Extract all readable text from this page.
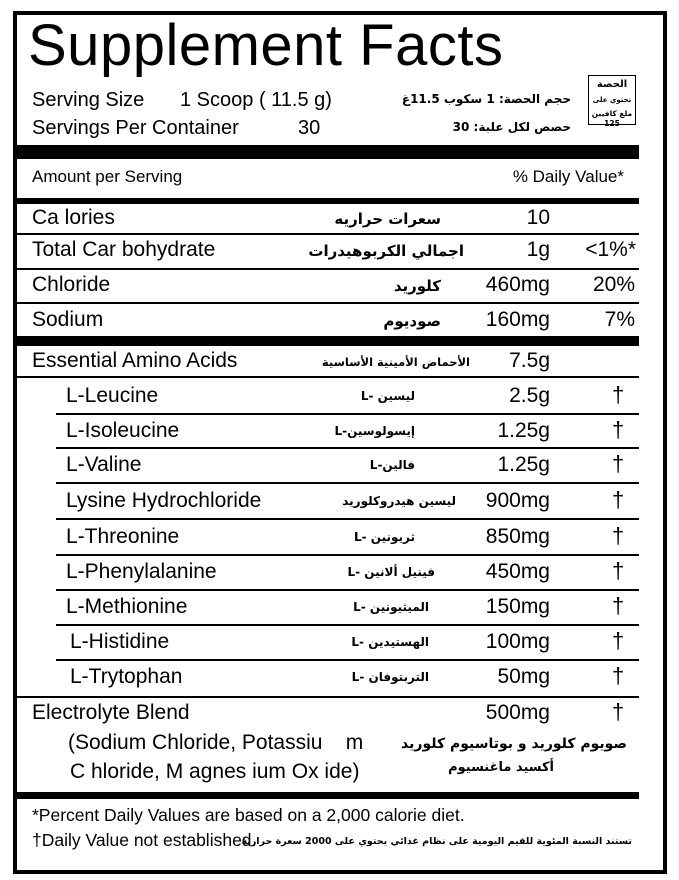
Supplement Facts
Serving Size 1 Scoop ( 11.5 g)	حجم الحصة: 1 سكوب 11.5غ
Servings Per Container	30	حصص لكل علبة: 30
الحصة
تحتوي على
ملغ كافيين 125
Amount per Serving	% Daily Value*
Ca lories	سعرات حراريه	10
Total Car bohydrate	اجمالي الكربوهيدرات	1g <1%*
Chloride	كلوريد 460mg 20%
Sodium	صوديوم 160mg	7%
Essential Amino Acids	الأحماض الأمينية الأساسية 7.5g
L-Leucine	ليسين -L	2.5g	†
L-Isoleucine	إيسولوسين-L	1.25g	†
L-Valine	فالين-L	1.25g	†
Lysine Hydrochloride	ليسين هيدروكلوريد 900mg	†
L-Threonine	ثريونين -L	850mg	†
L-Phenylalanine	فينيل ألانين -L 450mg	†
L-Methionine	الميثيونين -L	150mg	†
L-Histidine	الهستيدين -L	100mg	†
L-Trytophan	التربتوفان -L	50mg	†
Electrolyte Blend	500mg	†
(Sodium Chloride, Potassiu    m
C hloride, M agnes ium Ox ide)
صويوم كلوريد و بوتاسيوم كلوريد
أكسيد ماغنسيوم
*Percent Daily Values are based on a 2,000 calorie diet.
†Daily Value not established.
تستند النسبة المئوية للقيم اليومية على نظام غذائي يحتوي على 2000 سعرة حرارية
